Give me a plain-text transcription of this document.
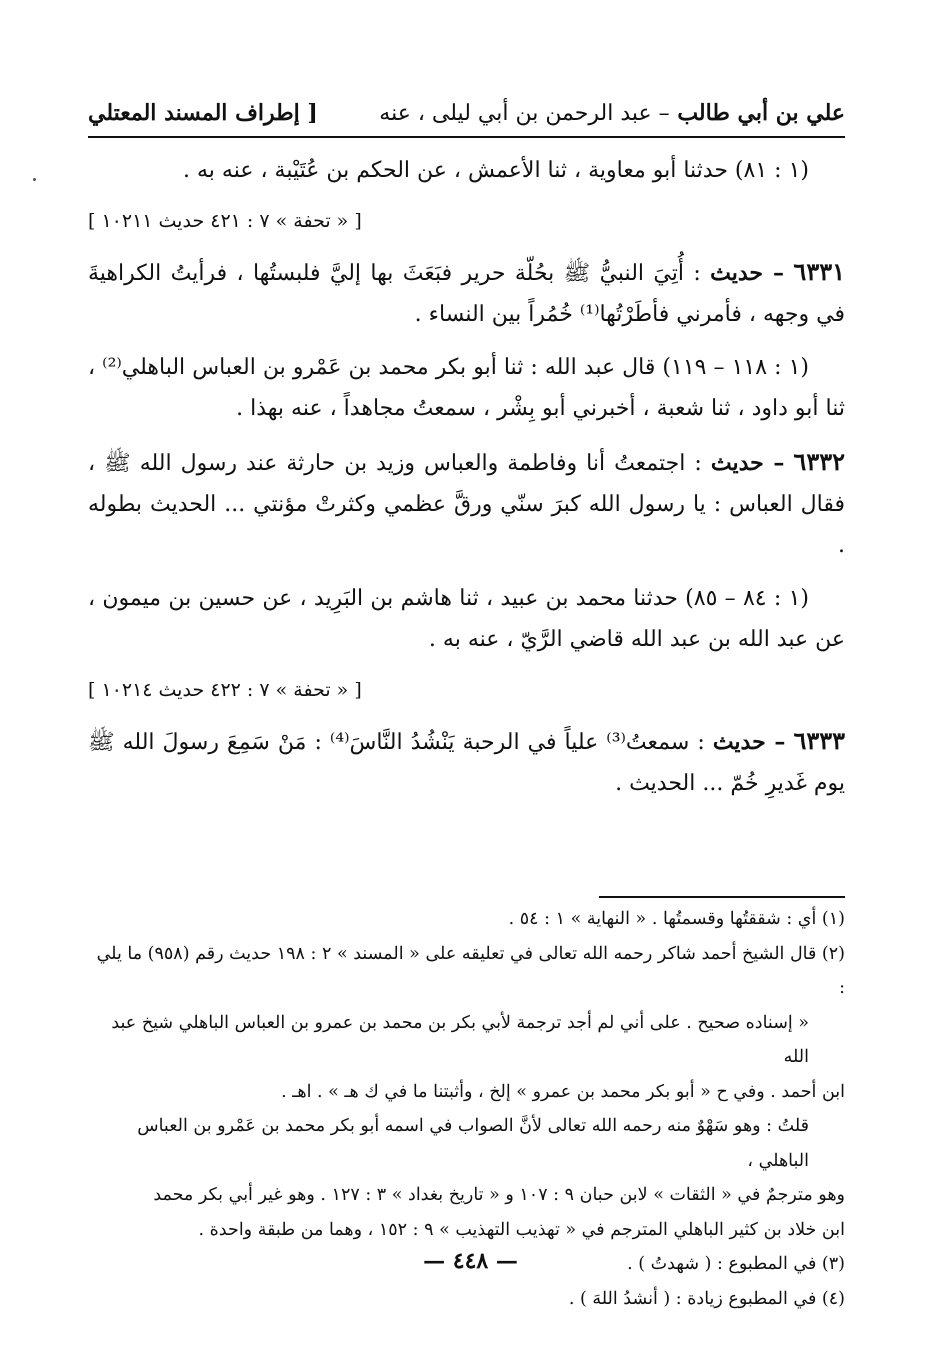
علي بن أبي طالب – عبد الرحمن بن أبي ليلى ، عنه
[ إطراف المسند المعتلي

(١ : ٨١) حدثنا أبو معاوية ، ثنا الأعمش ، عن الحكم بن عُتَيْبة ، عنه به .

[ « تحفة » ٧ : ٤٢١ حديث ١٠٢١١ ]

٦٣٣١ – حديث : أُتِيَ النبيُّ ﷺ بحُلّة حرير فبَعَثَ بها إليَّ فلبستُها ، فرأيتُ الكراهيةَ في وجهه ، فأمرني فأطَرْتُها⁽¹⁾ خُمُراً بين النساء .

(١ : ١١٨ – ١١٩) قال عبد الله : ثنا أبو بكر محمد بن عَمْرو بن العباس الباهلي⁽²⁾ ، ثنا أبو داود ، ثنا شعبة ، أخبرني أبو بِشْر ، سمعتُ مجاهداً ، عنه بهذا .

٦٣٣٢ – حديث : اجتمعتُ أنا وفاطمة والعباس وزيد بن حارثة عند رسول الله ﷺ ، فقال العباس : يا رسول الله كبرَ سنّي ورقَّ عظمي وكثرتْ مؤنتي ... الحديث بطوله .

(١ : ٨٤ – ٨٥) حدثنا محمد بن عبيد ، ثنا هاشم بن البَرِيد ، عن حسين بن ميمون ، عن عبد الله بن عبد الله قاضي الرَّيّ ، عنه به .

[ « تحفة » ٧ : ٤٢٢ حديث ١٠٢١٤ ]

٦٣٣٣ – حديث : سمعتُ⁽³⁾ علياً في الرحبة يَنْشُدُ النَّاسَ⁽⁴⁾ : مَنْ سَمِعَ رسولَ الله ﷺ يوم غَديرِ خُمّ ... الحديث .

(١) أي : شققتُها وقسمتُها . « النهاية » ١ : ٥٤ .

(٢) قال الشيخ أحمد شاكر رحمه الله تعالى في تعليقه على « المسند » ٢ : ١٩٨ حديث رقم (٩٥٨) ما يلي :

« إسناده صحيح . على أني لم أجد ترجمة لأبي بكر بن محمد بن عمرو بن العباس الباهلي شيخ عبد الله

ابن أحمد . وفي ح « أبو بكر محمد بن عمرو » إلخ ، وأثبتنا ما في ك هـ » . اهـ .

قلتُ : وهو سَهْوٌ منه رحمه الله تعالى لأنَّ الصواب في اسمه أبو بكر محمد بن عَمْرو بن العباس الباهلي ،

وهو مترجمٌ في « الثقات » لابن حبان ٩ : ١٠٧ و « تاريخ بغداد » ٣ : ١٢٧ . وهو غير أبي بكر محمد

ابن خلاد بن كثير الباهلي المترجم في « تهذيب التهذيب » ٩ : ١٥٢ ، وهما من طبقة واحدة .

(٣) في المطبوع : ( شهدتُ ) .

(٤) في المطبوع زيادة : ( أنشدُ اللهَ ) .

— ٤٤٨ —
